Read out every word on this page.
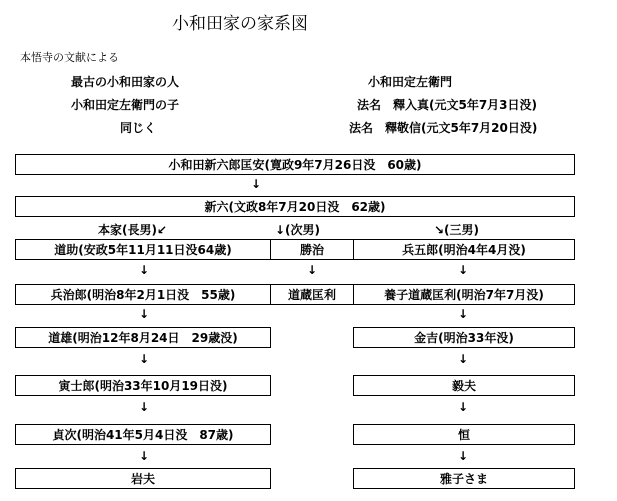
小和田家の家系図
本悟寺の文献による
最古の小和田家の人	小和田定左衛門
小和田定左衛門の子	法名　釋入真(元文5年7月3日没)
同じく	法名　釋敬信(元文5年7月20日没)
小和田新六郎匡安(寛政9年7月26日没　60歳)
↓
新六(文政8年7月20日没　62歳)
本家(長男)↙	↓(次男)	↘(三男)
道助(安政5年11月11日没64歳)	勝治	兵五郎(明治4年4月没)
↓	↓	↓
兵治郎(明治8年2月1日没　55歳)	道蔵匡利	養子道蔵匡利(明治7年7月没)
↓	↓
道雄(明治12年8月24日　29歳没)	金吉(明治33年没)
↓	↓
寅士郎(明治33年10月19日没)	毅夫
↓	↓
貞次(明治41年5月4日没　87歳)	恒
↓	↓
岩夫	雅子さま
